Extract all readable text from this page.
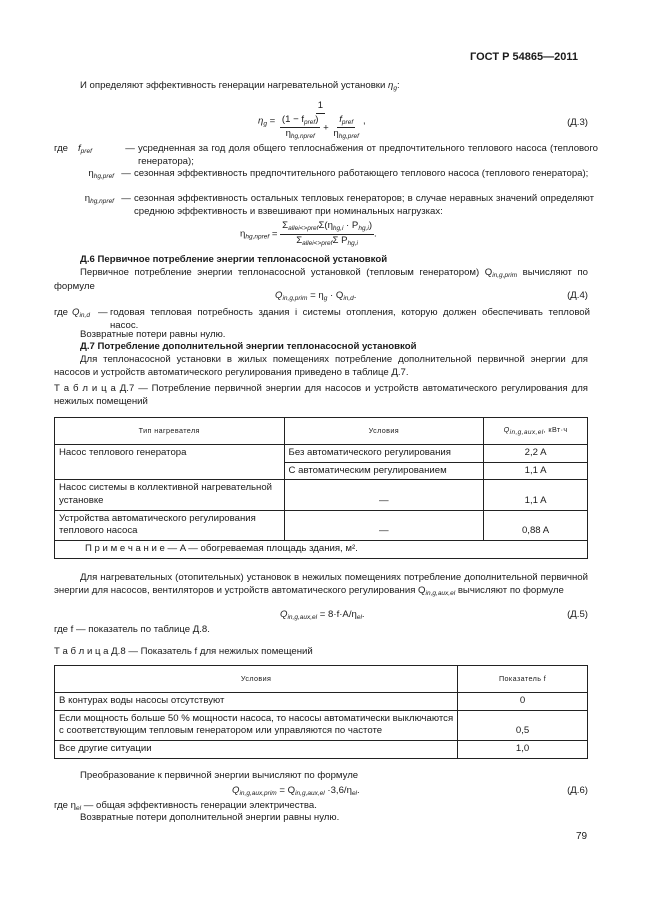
ГОСТ Р 54865—2011
И определяют эффективность генерации нагревательной установки $\eta_g$:
$\eta_g$ =
1
$\frac{(1 - f_{pref})}{\eta_{hg,npref}} + \frac{f_{pref}}{\eta_{hg,pref}}$ ,	(Д.3)
где	$f_{pref}$	— усредненная за год доля общего теплоснабжения от предпочтительного теплового насоса (теплового генератора);
$\eta_{hg,pref}$ — сезонная эффективность предпочтительного работающего теплового насоса (теплового генератора);
$\eta_{hg,npref}$ — сезонная эффективность остальных тепловых генераторов; в случае неравных значений определяют среднюю эффективность и взвешивают при номинальных нагрузках:
$\eta_{hg,npref} = \frac{\Sigma_{allei<>pref}\Sigma(\eta_{hg,i} \cdot P_{hg,i})}{\Sigma_{allei<>pref}\Sigma P_{hg,i}}$ .
Д.6 Первичное потребление энергии теплонасосной установкой
Первичное потребление энергии теплонасосной установкой (тепловым генератором) $Q_{in,g,prim}$ вычисляют по формуле
$Q_{in,g,prim} = \eta_g \cdot Q_{in,d}$.	(Д.4)
где $Q_{in,d}$ — годовая тепловая потребность здания i системы отопления, которую должен обеспечивать тепловой насос.
Возвратные потери равны нулю.
Д.7 Потребление дополнительной энергии теплонасосной установкой
Для теплонасосной установки в жилых помещениях потребление дополнительной первичной энергии для насосов и устройств автоматического регулирования приведено в таблице Д.7.
Т а б л и ц а Д.7 — Потребление первичной энергии для насосов и устройств автоматического регулирования для нежилых помещений
Тип нагревателя	Условия	$Q_{in,g,aux,el}$, кВт·ч
Насос теплового генератора	Без автоматического регулирования	2,2 A
	С автоматическим регулированием	1,1 A
Насос системы в коллективной нагревательной установке	—	1,1 A
Устройства автоматического регулирования теплового насоса	—	0,88 A
П р и м е ч а н и е — A — обогреваемая площадь здания, м².		
Для нагревательных (отопительных) установок в нежилых помещениях потребление дополнительной первичной энергии для насосов, вентиляторов и устройств автоматического регулирования $Q_{in,g,aux,el}$ вычисляют по формуле
$Q_{in,g,aux,el} = 8\cdot f\cdot A/\eta_{el}$.	(Д.5)
где f — показатель по таблице Д.8.
Т а б л и ц а Д.8 — Показатель f для нежилых помещений
Условия	Показатель f
В контурах воды насосы отсутствуют	0
Если мощность больше 50 % мощности насоса, то насосы автоматически выключаются с соответствующим тепловым генератором или управляются по частоте	0,5
Все другие ситуации	1,0
Преобразование к первичной энергии вычисляют по формуле
$Q_{in,g,aux,prim} = Q_{in,g,aux,el} \cdot 3,6/\eta_{el}$.	(Д.6)
где $\eta_{el}$ — общая эффективность генерации электричества.
Возвратные потери дополнительной энергии равны нулю.
79
